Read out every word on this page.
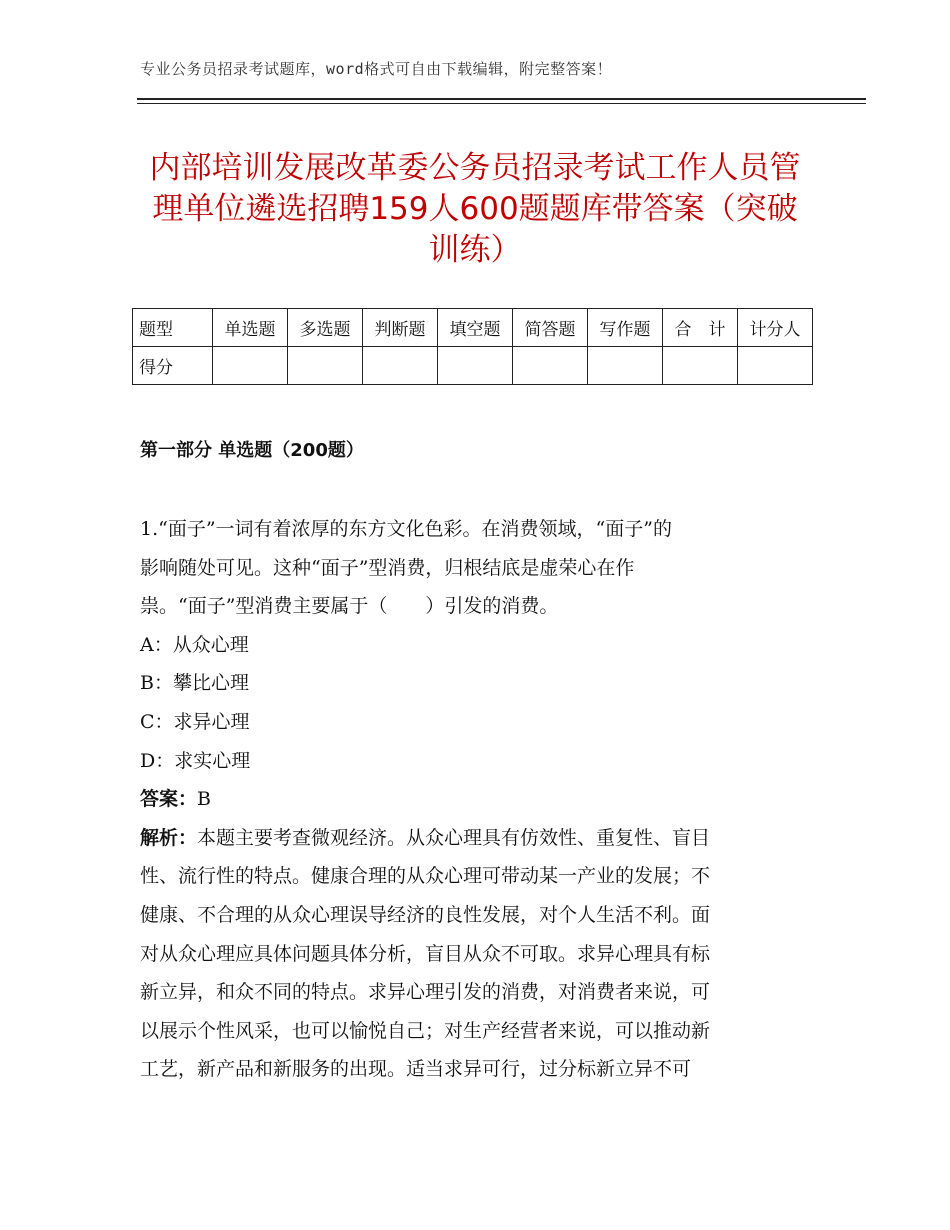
专业公务员招录考试题库，word格式可自由下载编辑，附完整答案！
内部培训发展改革委公务员招录考试工作人员管理单位遴选招聘159人600题题库带答案（突破训练）
题型	单选题	多选题	判断题	填空题	简答题	写作题	合　计	计分人
得分								
第一部分 单选题（200题）

1.“面子”一词有着浓厚的东方文化色彩。在消费领域，“面子”的

影响随处可见。这种“面子”型消费，归根结底是虚荣心在作

祟。“面子”型消费主要属于（　　）引发的消费。

A：从众心理

B：攀比心理

C：求异心理

D：求实心理

答案：B

解析：本题主要考查微观经济。从众心理具有仿效性、重复性、盲目

性、流行性的特点。健康合理的从众心理可带动某一产业的发展；不

健康、不合理的从众心理误导经济的良性发展，对个人生活不利。面

对从众心理应具体问题具体分析，盲目从众不可取。求异心理具有标

新立异，和众不同的特点。求异心理引发的消费，对消费者来说，可

以展示个性风采，也可以愉悦自己；对生产经营者来说，可以推动新

工艺，新产品和新服务的出现。适当求异可行，过分标新立异不可
